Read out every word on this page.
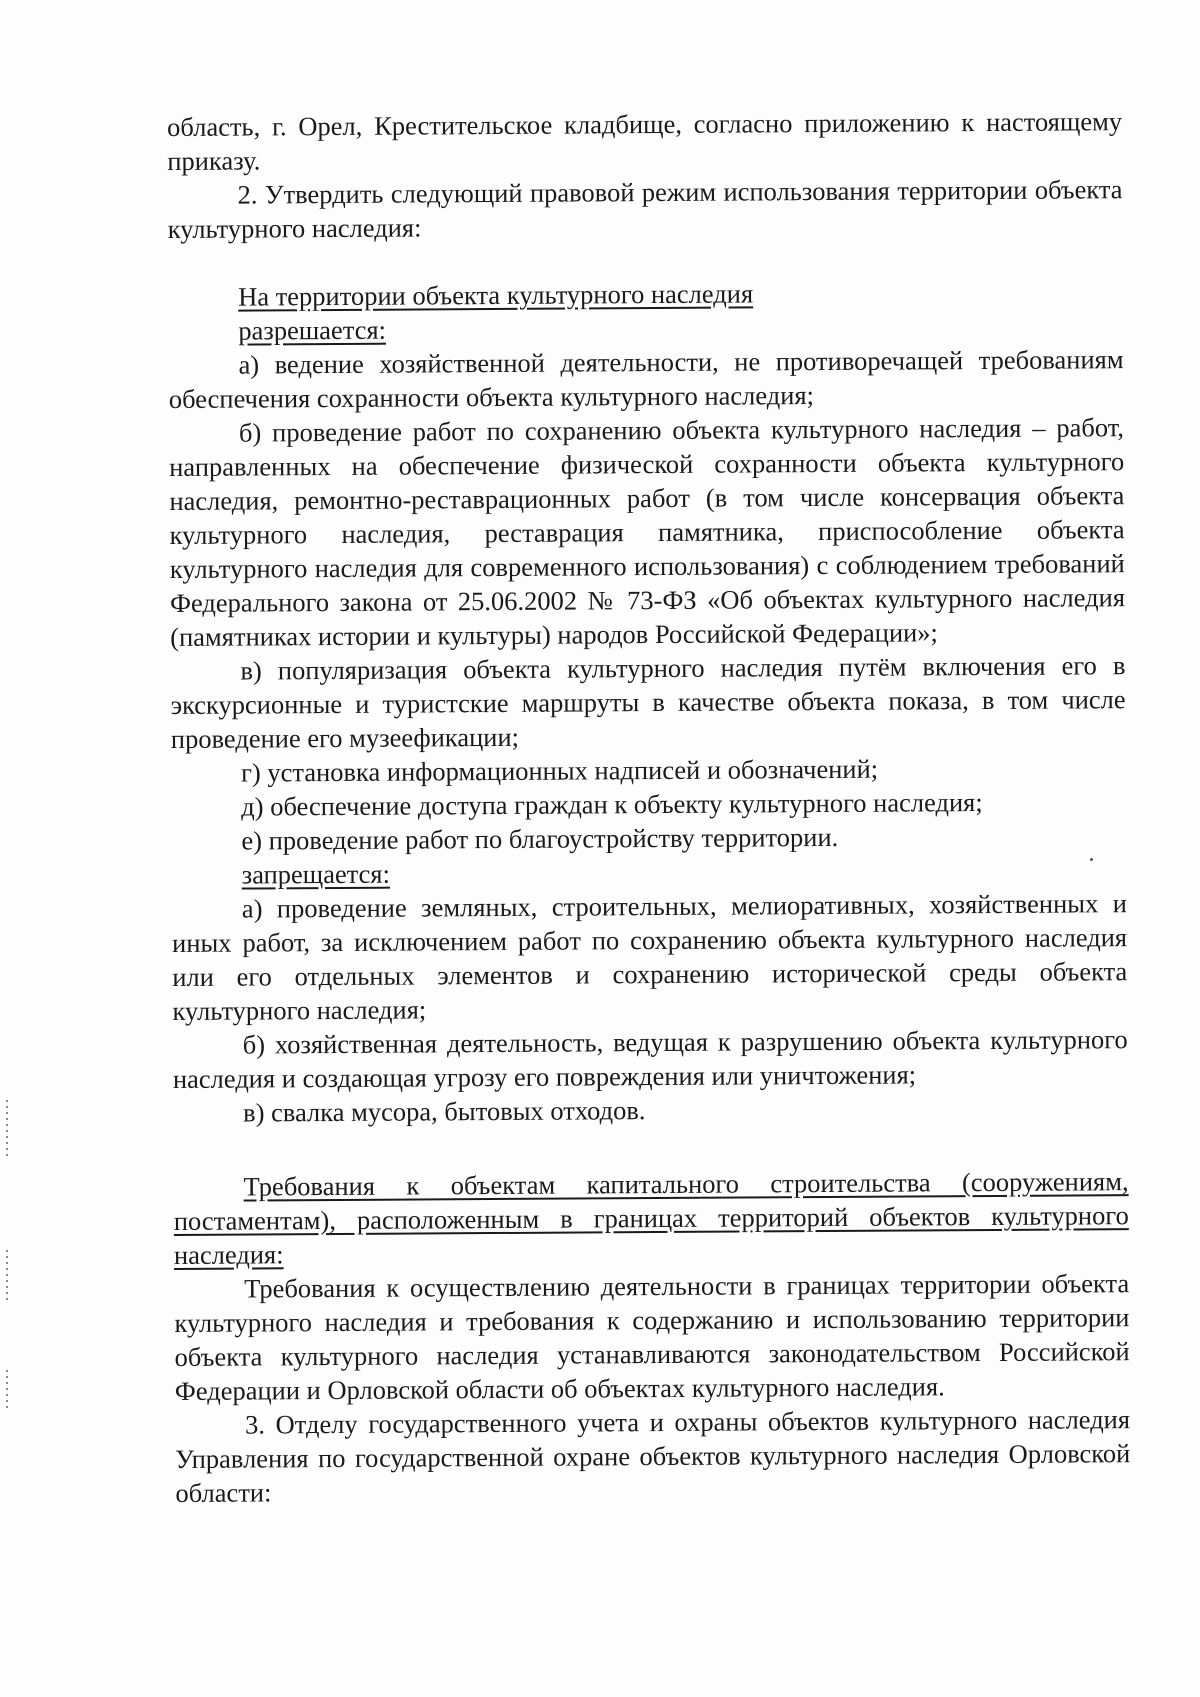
область, г. Орел, Крестительское кладбище, согласно приложению к настоящему приказу.

2. Утвердить следующий правовой режим использования территории объекта культурного наследия:

На территории объекта культурного наследия

разрешается:

а) ведение хозяйственной деятельности, не противоречащей требованиям обеспечения сохранности объекта культурного наследия;

б) проведение работ по сохранению объекта культурного наследия – работ, направленных на обеспечение физической сохранности объекта культурного наследия, ремонтно-реставрационных работ (в том числе консервация объекта культурного наследия, реставрация памятника, приспособление объекта культурного наследия для современного использования) с соблюдением требований Федерального закона от 25.06.2002 № 73-ФЗ «Об объектах культурного наследия (памятниках истории и культуры) народов Российской Федерации»;

в) популяризация объекта культурного наследия путём включения его в экскурсионные и туристские маршруты в качестве объекта показа, в том числе проведение его музеефикации;

г) установка информационных надписей и обозначений;

д) обеспечение доступа граждан к объекту культурного наследия;

е) проведение работ по благоустройству территории.

запрещается:

а) проведение земляных, строительных, мелиоративных, хозяйственных и иных работ, за исключением работ по сохранению объекта культурного наследия или его отдельных элементов и сохранению исторической среды объекта культурного наследия;

б) хозяйственная деятельность, ведущая к разрушению объекта культурного наследия и создающая угрозу его повреждения или уничтожения;

в) свалка мусора, бытовых отходов.

Требования к объектам капитального строительства (сооружениям, постаментам), расположенным в границах территорий объектов культурного наследия:

Требования к осуществлению деятельности в границах территории объекта культурного наследия и требования к содержанию и использованию территории объекта культурного наследия устанавливаются законодательством Российской Федерации и Орловской области об объектах культурного наследия.

3. Отделу государственного учета и охраны объектов культурного наследия Управления по государственной охране объектов культурного наследия Орловской области:
